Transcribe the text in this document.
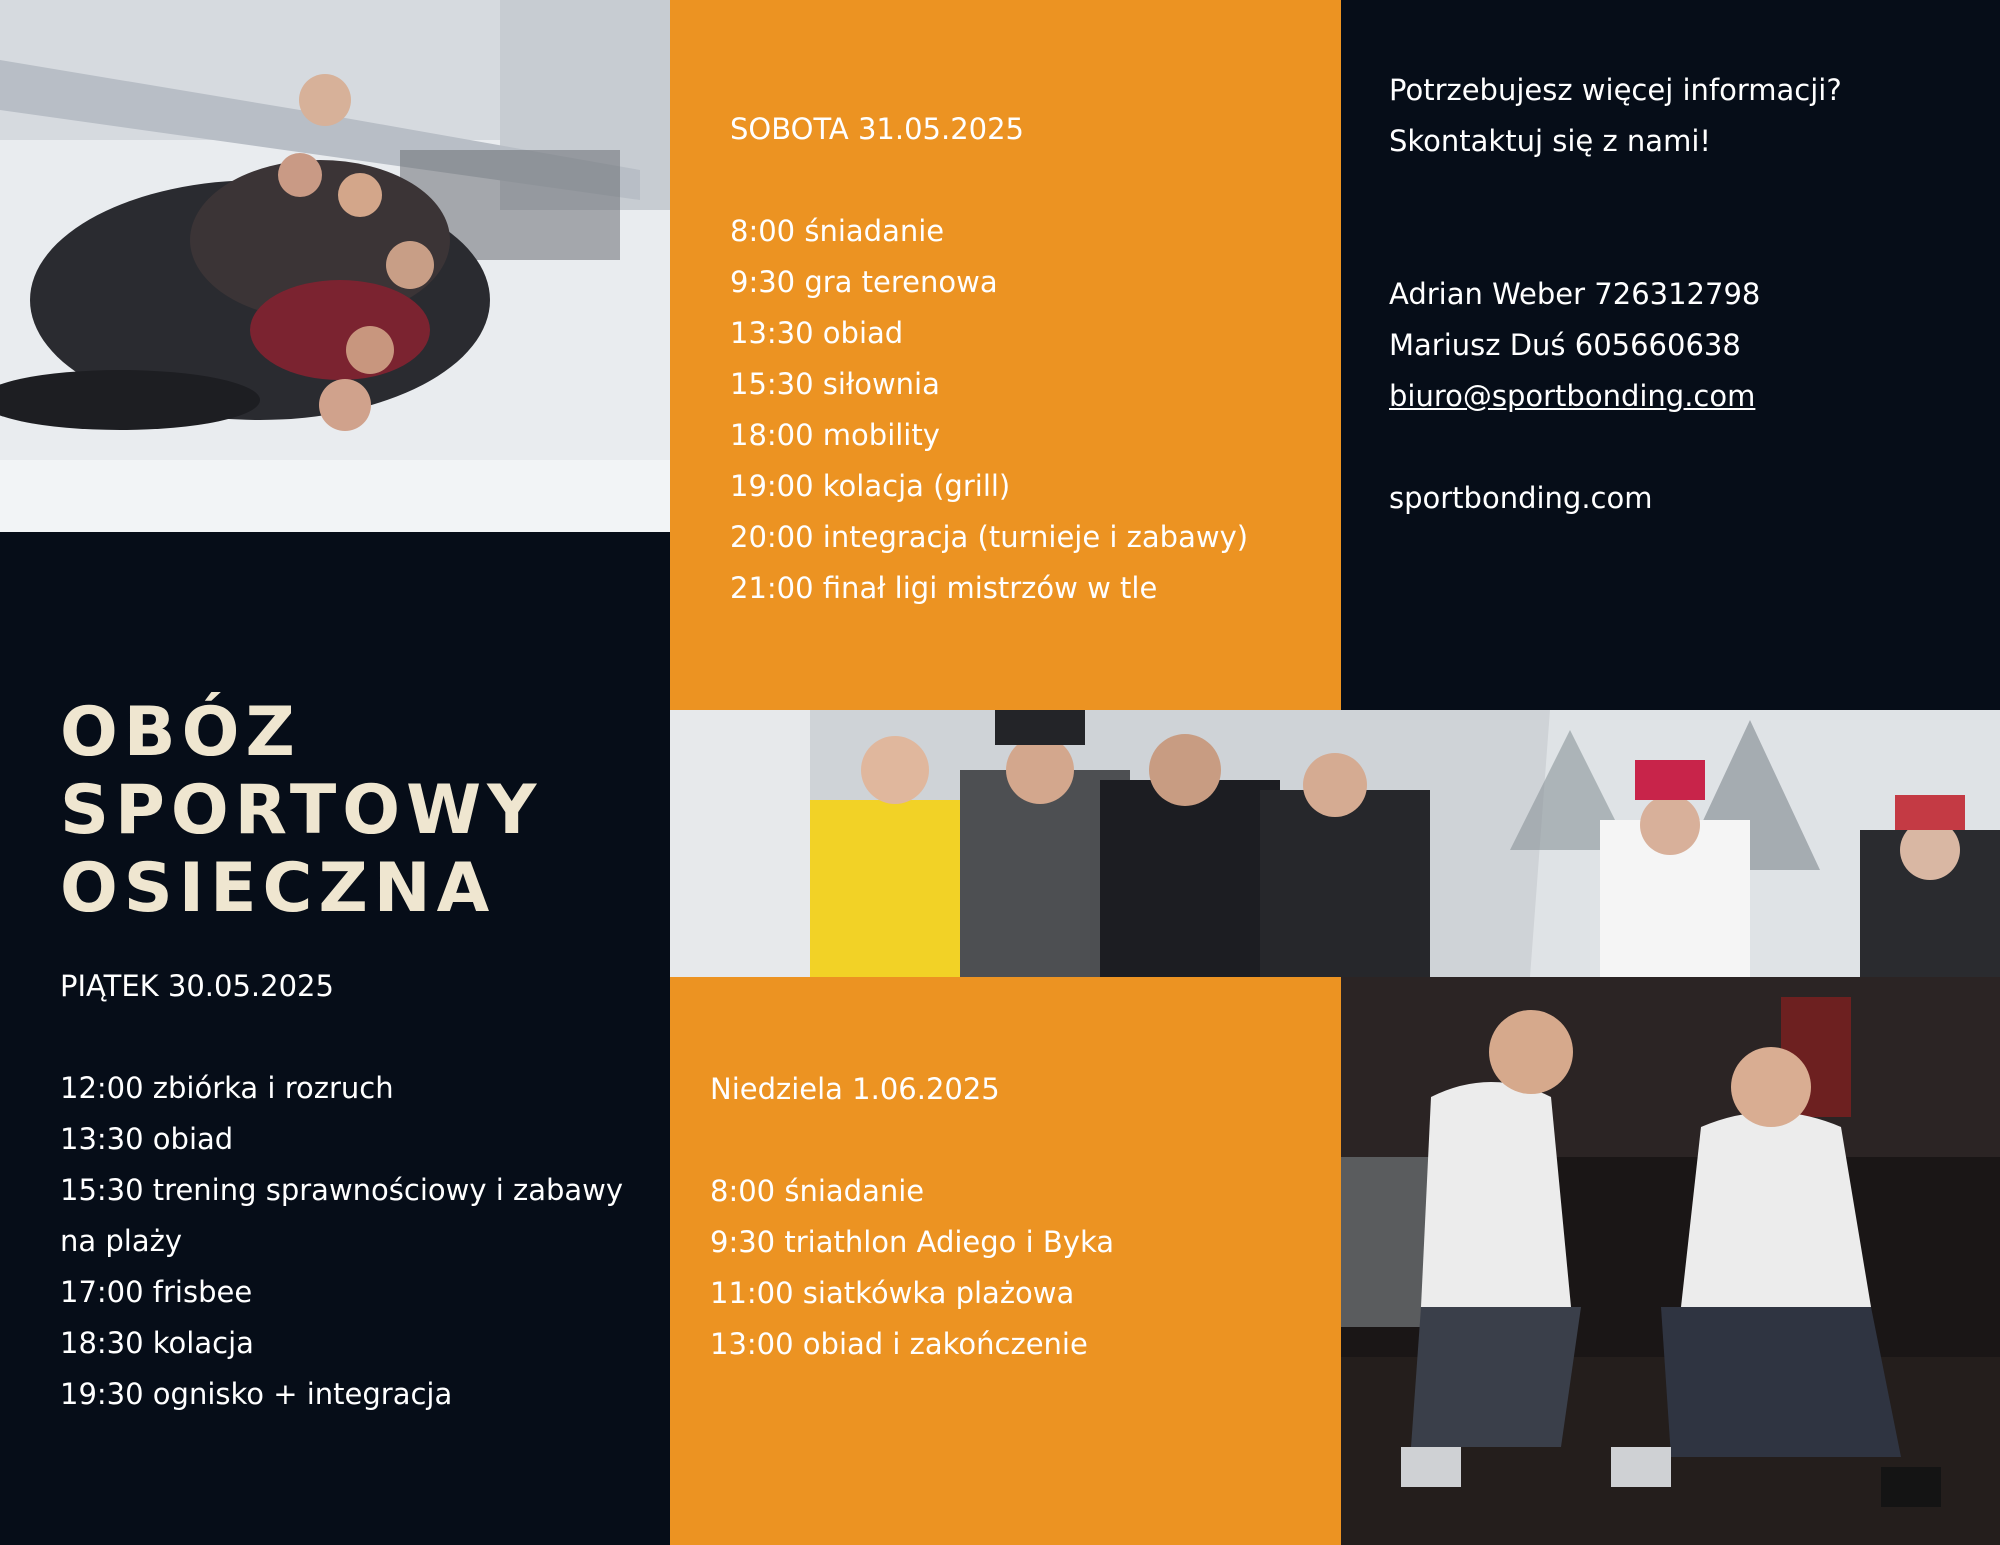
SOBOTA 31.05.2025
8:00 śniadanie
9:30 gra terenowa
13:30 obiad
15:30 siłownia
18:00 mobility
19:00 kolacja (grill)
20:00 integracja (turnieje i zabawy)
21:00 finał ligi mistrzów w tle
Potrzebujesz więcej informacji?
Skontaktuj się z nami!
Adrian Weber 726312798
Mariusz Duś 605660638
biuro@sportbonding.com
sportbonding.com
OBÓZ
SPORTOWY
OSIECZNA
PIĄTEK 30.05.2025
12:00 zbiórka i rozruch
13:30 obiad
15:30 trening sprawnościowy i zabawy
na plaży
17:00 frisbee
18:30 kolacja
19:30 ognisko + integracja
Niedziela 1.06.2025
8:00 śniadanie
9:30 triathlon Adiego i Byka
11:00 siatkówka plażowa
13:00 obiad i zakończenie
